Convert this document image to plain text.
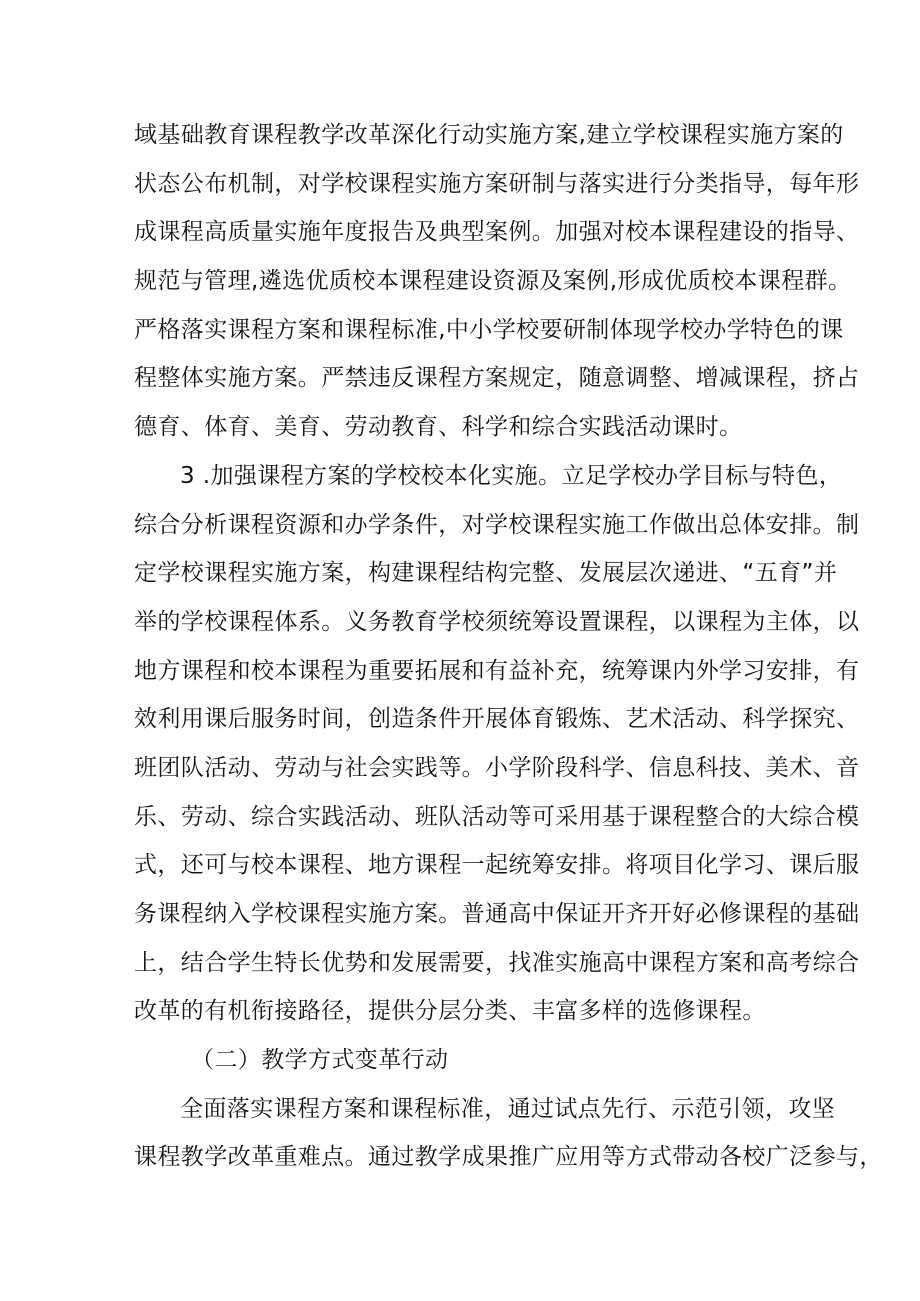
域基础教育课程教学改革深化行动实施方案,建立学校课程实施方案的
状态公布机制，对学校课程实施方案研制与落实进行分类指导，每年形
成课程高质量实施年度报告及典型案例。加强对校本课程建设的指导、
规范与管理,遴选优质校本课程建设资源及案例,形成优质校本课程群。
严格落实课程方案和课程标准,中小学校要研制体现学校办学特色的课
程整体实施方案。严禁违反课程方案规定，随意调整、增减课程，挤占
德育、体育、美育、劳动教育、科学和综合实践活动课时。
3 .加强课程方案的学校校本化实施。立足学校办学目标与特色，
综合分析课程资源和办学条件，对学校课程实施工作做出总体安排。制
定学校课程实施方案，构建课程结构完整、发展层次递进、“五育”并
举的学校课程体系。义务教育学校须统筹设置课程，以课程为主体，以
地方课程和校本课程为重要拓展和有益补充，统筹课内外学习安排，有
效利用课后服务时间，创造条件开展体育锻炼、艺术活动、科学探究、
班团队活动、劳动与社会实践等。小学阶段科学、信息科技、美术、音
乐、劳动、综合实践活动、班队活动等可采用基于课程整合的大综合模
式，还可与校本课程、地方课程一起统筹安排。将项目化学习、课后服
务课程纳入学校课程实施方案。普通高中保证开齐开好必修课程的基础
上，结合学生特长优势和发展需要，找准实施高中课程方案和高考综合
改革的有机衔接路径，提供分层分类、丰富多样的选修课程。
（二）教学方式变革行动
全面落实课程方案和课程标准，通过试点先行、示范引领，攻坚
课程教学改革重难点。通过教学成果推广应用等方式带动各校广泛参与，
